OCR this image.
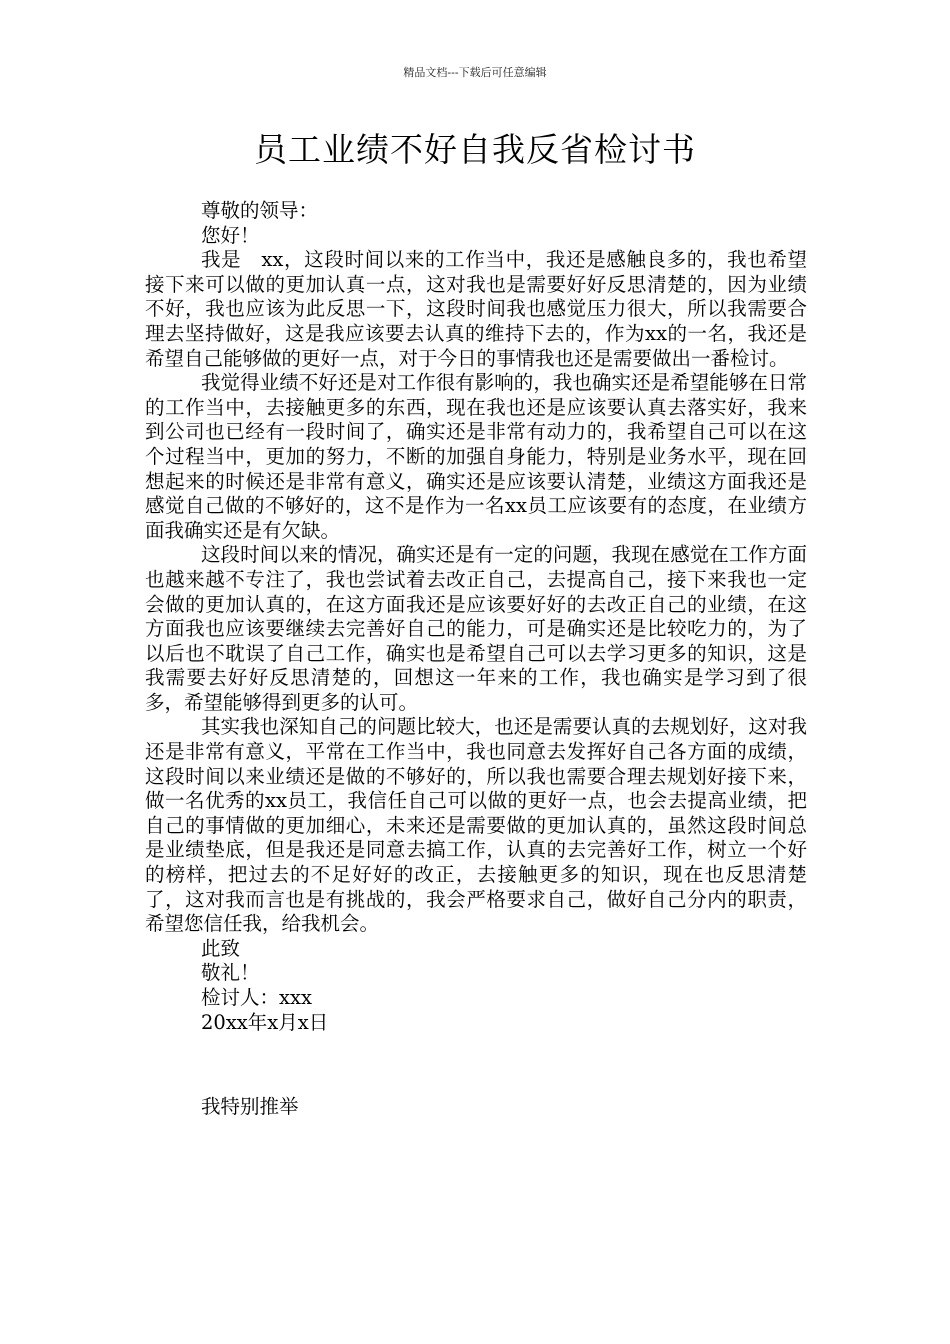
精品文档---下载后可任意编辑
员工业绩不好自我反省检讨书

尊敬的领导：

您好！

我是　xx，这段时间以来的工作当中，我还是感触良多的，我也希望接下来可以做的更加认真一点，这对我也是需要好好反思清楚的，因为业绩不好，我也应该为此反思一下，这段时间我也感觉压力很大，所以我需要合理去坚持做好，这是我应该要去认真的维持下去的，作为xx的一名，我还是希望自己能够做的更好一点，对于今日的事情我也还是需要做出一番检讨。

我觉得业绩不好还是对工作很有影响的，我也确实还是希望能够在日常的工作当中，去接触更多的东西，现在我也还是应该要认真去落实好，我来到公司也已经有一段时间了，确实还是非常有动力的，我希望自己可以在这个过程当中，更加的努力，不断的加强自身能力，特别是业务水平，现在回想起来的时候还是非常有意义，确实还是应该要认清楚，业绩这方面我还是感觉自己做的不够好的，这不是作为一名xx员工应该要有的态度，在业绩方面我确实还是有欠缺。

这段时间以来的情况，确实还是有一定的问题，我现在感觉在工作方面也越来越不专注了，我也尝试着去改正自己，去提高自己，接下来我也一定会做的更加认真的，在这方面我还是应该要好好的去改正自己的业绩，在这方面我也应该要继续去完善好自己的能力，可是确实还是比较吃力的，为了以后也不耽误了自己工作，确实也是希望自己可以去学习更多的知识，这是我需要去好好反思清楚的，回想这一年来的工作，我也确实是学习到了很多，希望能够得到更多的认可。

其实我也深知自己的问题比较大，也还是需要认真的去规划好，这对我还是非常有意义，平常在工作当中，我也同意去发挥好自己各方面的成绩，这段时间以来业绩还是做的不够好的，所以我也需要合理去规划好接下来，做一名优秀的xx员工，我信任自己可以做的更好一点，也会去提高业绩，把自己的事情做的更加细心，未来还是需要做的更加认真的，虽然这段时间总是业绩垫底，但是我还是同意去搞工作，认真的去完善好工作，树立一个好的榜样，把过去的不足好好的改正，去接触更多的知识，现在也反思清楚了，这对我而言也是有挑战的，我会严格要求自己，做好自己分内的职责，希望您信任我，给我机会。

此致

敬礼！

检讨人：xxx

20xx年x月x日

我特别推举
